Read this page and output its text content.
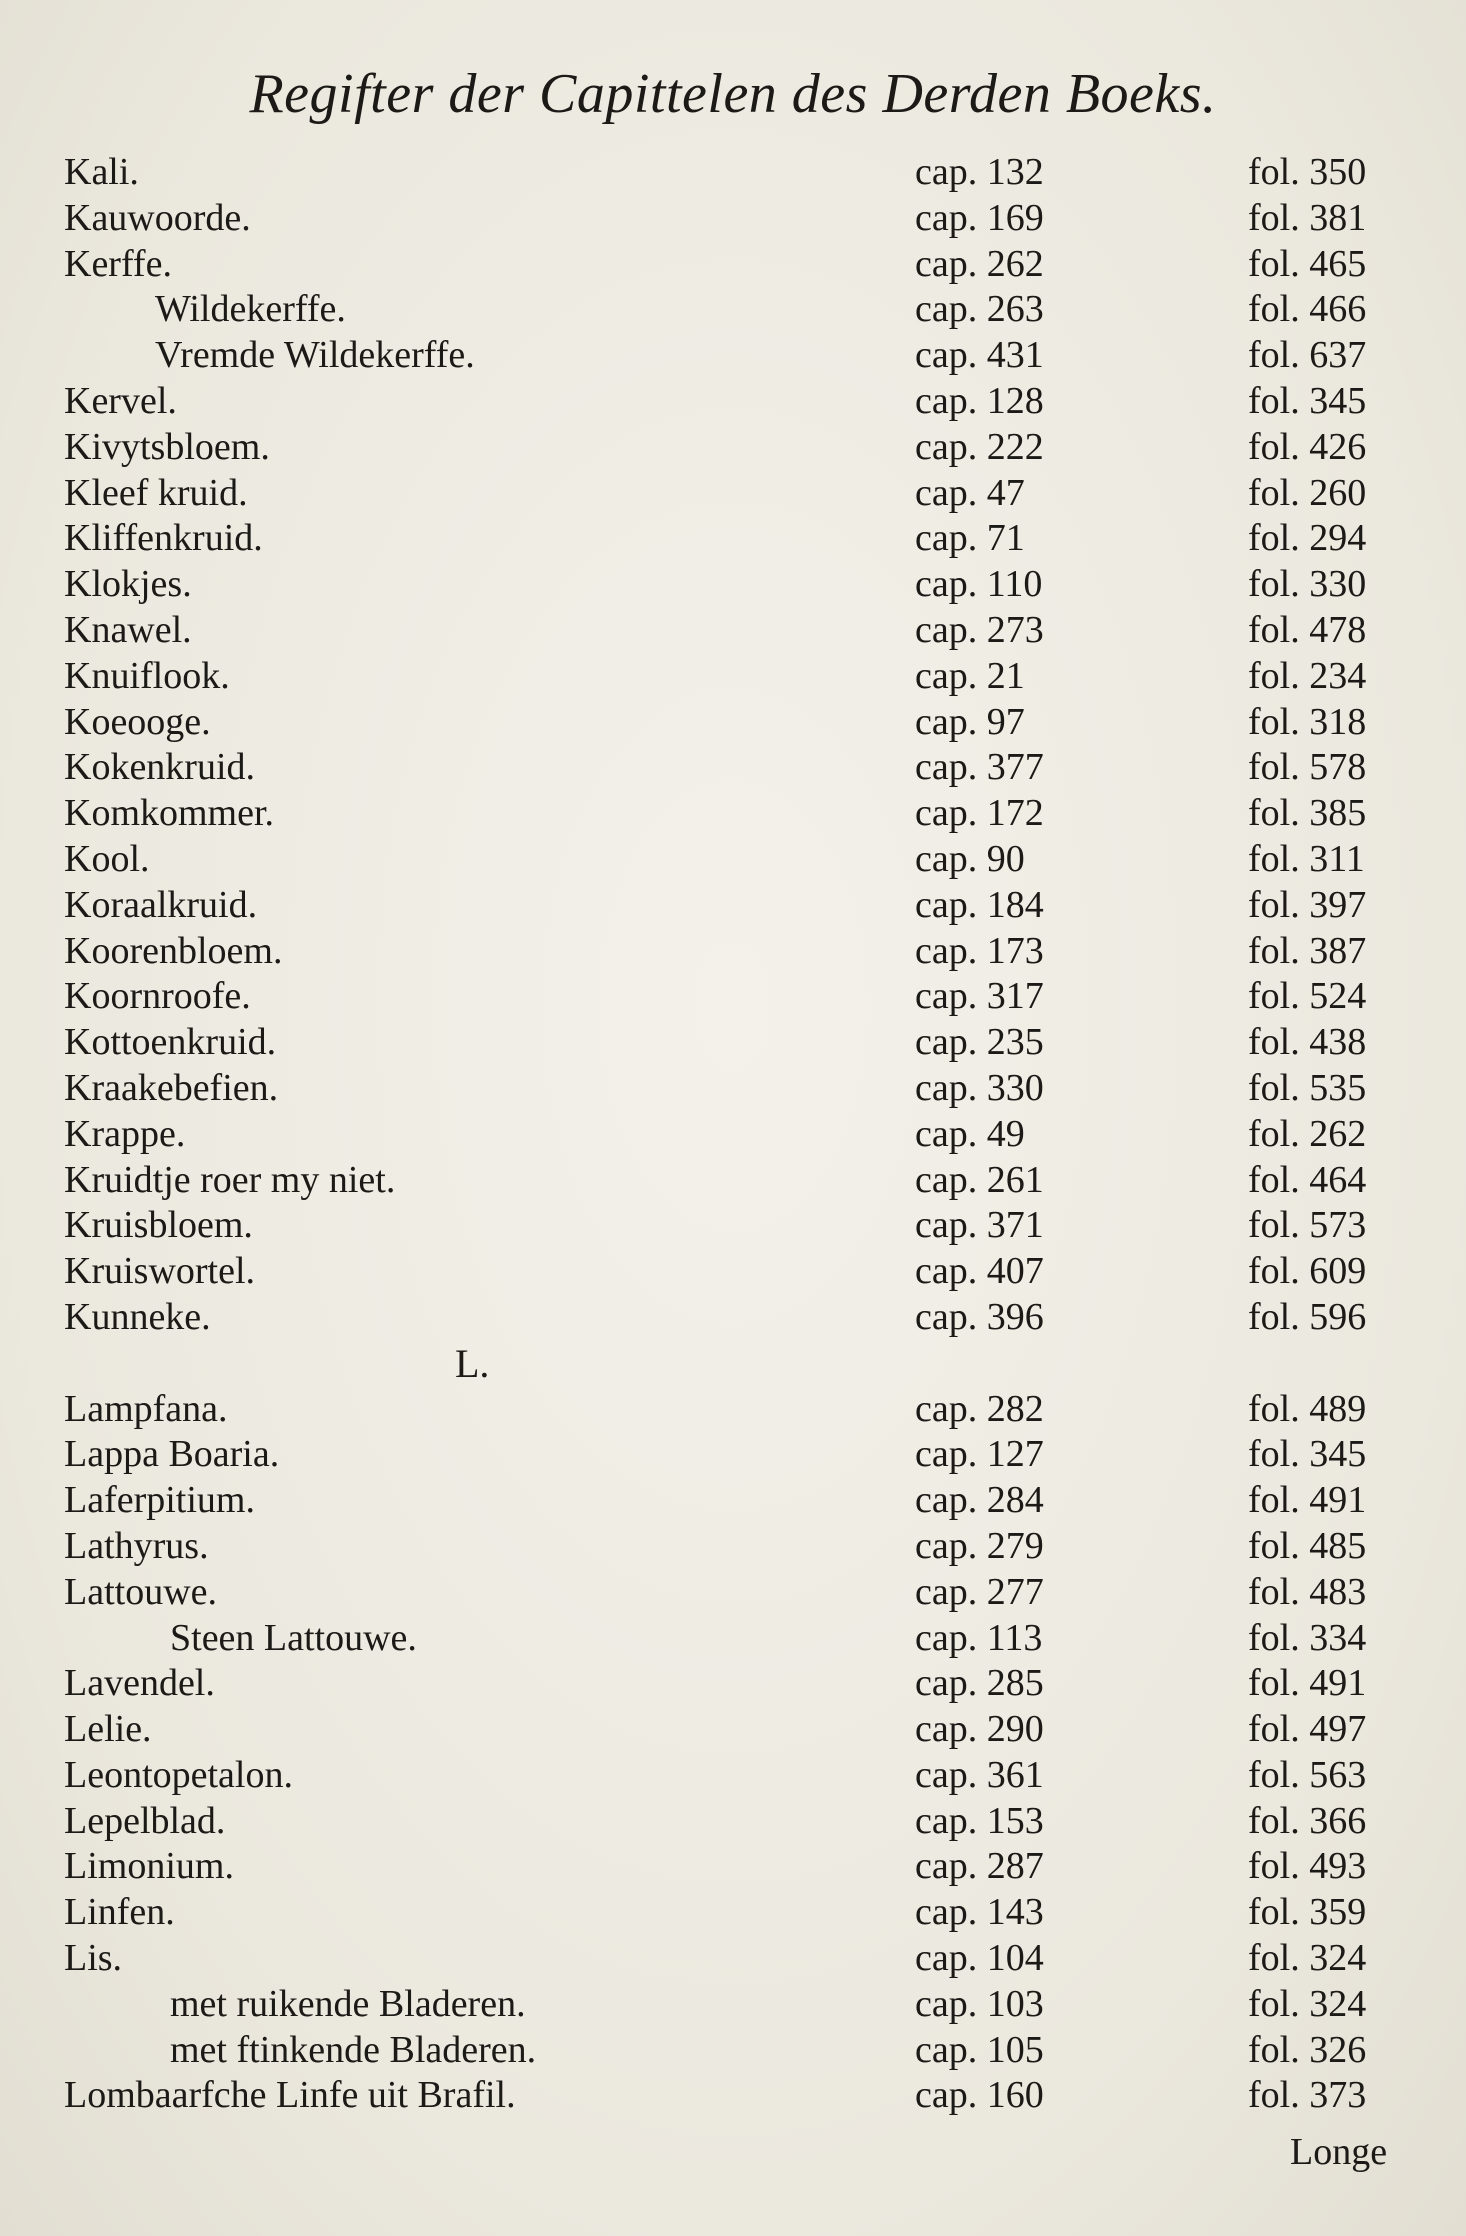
Regifter der Capittelen des Derden Boeks.
Kali.	cap. 132	fol. 350
Kauwoorde.	cap. 169	fol. 381
Kerffe.	cap. 262	fol. 465
Wildekerffe.	cap. 263	fol. 466
Vremde Wildekerffe.	cap. 431	fol. 637
Kervel.	cap. 128	fol. 345
Kivytsbloem.	cap. 222	fol. 426
Kleef kruid.	cap. 47	fol. 260
Kliffenkruid.	cap. 71	fol. 294
Klokjes.	cap. 110	fol. 330
Knawel.	cap. 273	fol. 478
Knuiflook.	cap. 21	fol. 234
Koeooge.	cap. 97	fol. 318
Kokenkruid.	cap. 377	fol. 578
Komkommer.	cap. 172	fol. 385
Kool.	cap. 90	fol. 311
Koraalkruid.	cap. 184	fol. 397
Koorenbloem.	cap. 173	fol. 387
Koornroofe.	cap. 317	fol. 524
Kottoenkruid.	cap. 235	fol. 438
Kraakebefien.	cap. 330	fol. 535
Krappe.	cap. 49	fol. 262
Kruidtje roer my niet.	cap. 261	fol. 464
Kruisbloem.	cap. 371	fol. 573
Kruiswortel.	cap. 407	fol. 609
Kunneke.	cap. 396	fol. 596
L.
Lampfana.	cap. 282	fol. 489
Lappa Boaria.	cap. 127	fol. 345
Laferpitium.	cap. 284	fol. 491
Lathyrus.	cap. 279	fol. 485
Lattouwe.	cap. 277	fol. 483
Steen Lattouwe.	cap. 113	fol. 334
Lavendel.	cap. 285	fol. 491
Lelie.	cap. 290	fol. 497
Leontopetalon.	cap. 361	fol. 563
Lepelblad.	cap. 153	fol. 366
Limonium.	cap. 287	fol. 493
Linfen.	cap. 143	fol. 359
Lis.	cap. 104	fol. 324
met ruikende Bladeren.	cap. 103	fol. 324
met ftinkende Bladeren.	cap. 105	fol. 326
Lombaarfche Linfe uit Brafil.	cap. 160	fol. 373
Longe
